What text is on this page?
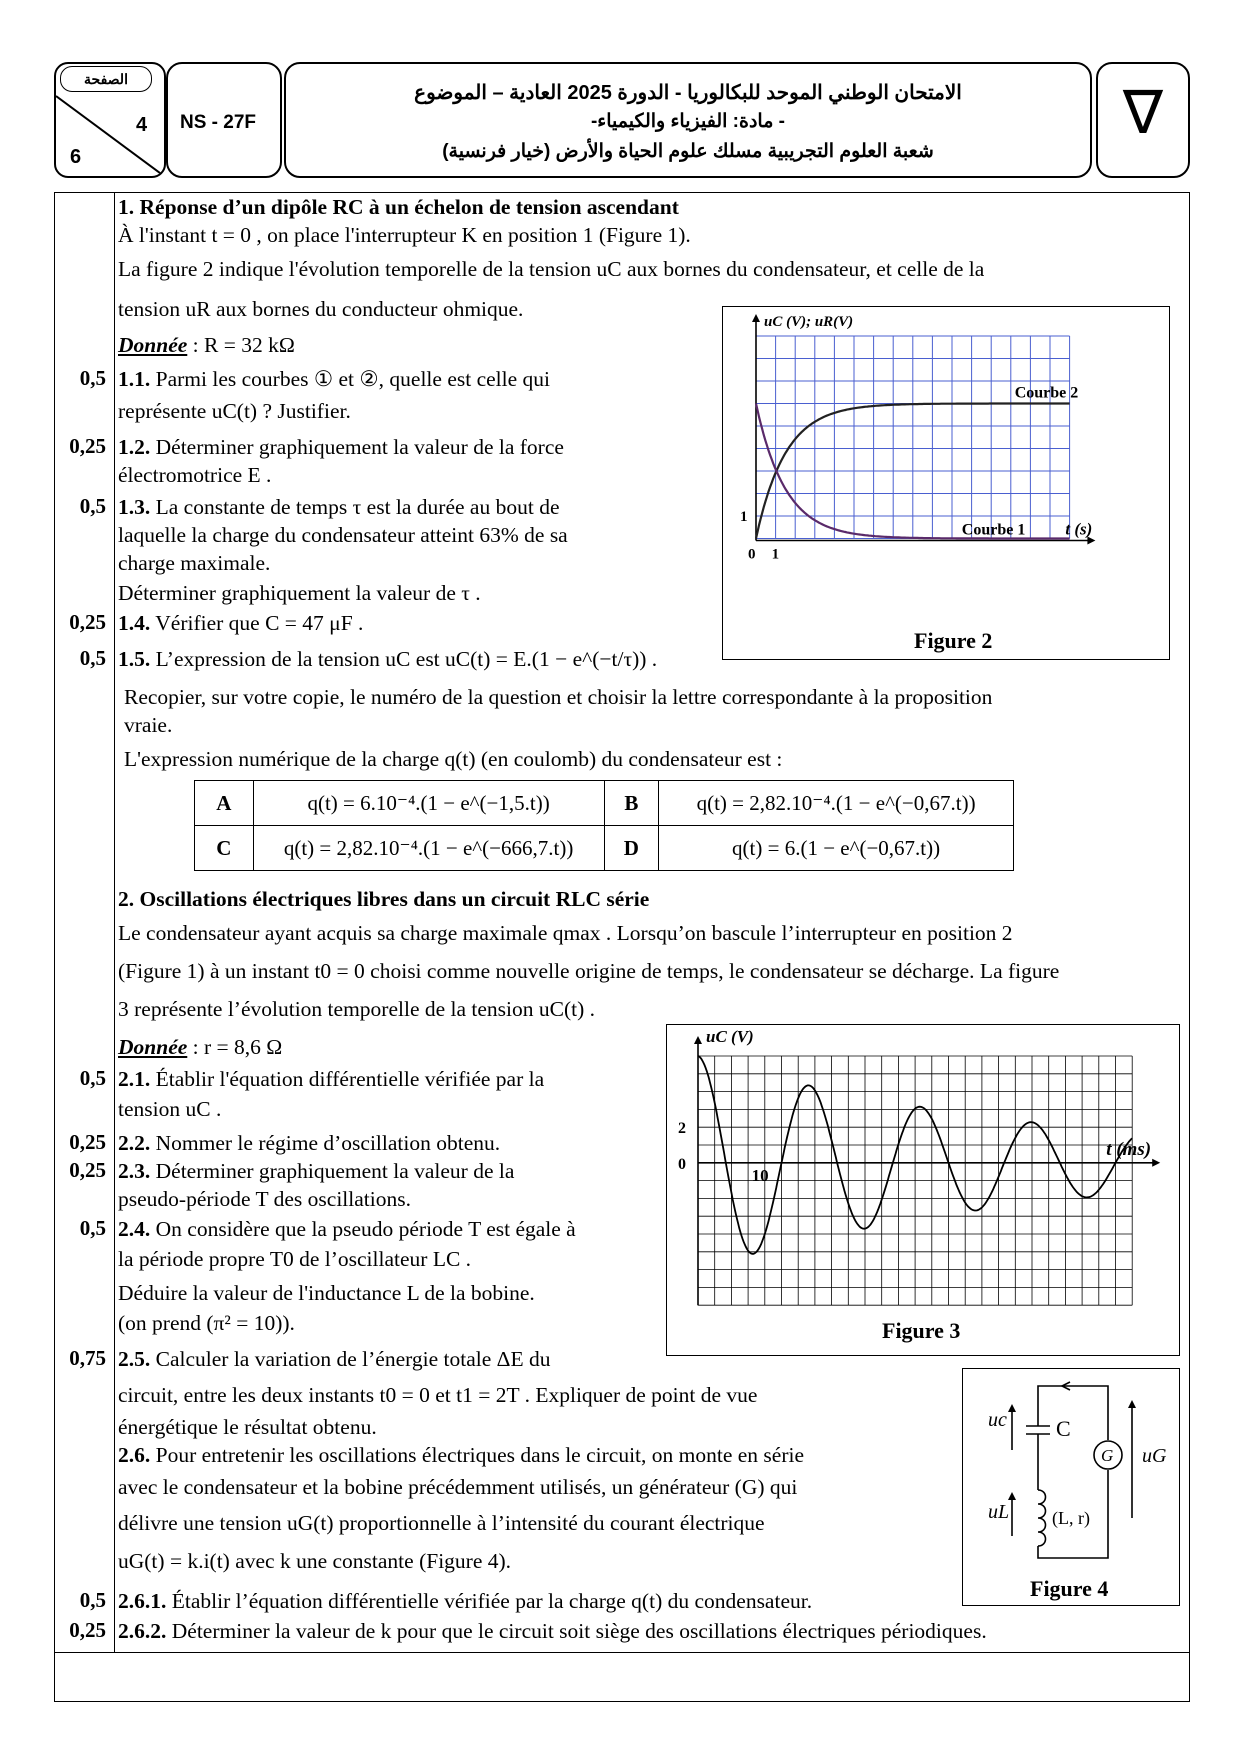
الصفحة
4
6
NS - 27F
الامتحان الوطني الموحد للبكالوريا - الدورة 2025 العادية – الموضوع
- مادة: الفيزياء والكيمياء-
شعبة العلوم التجريبية مسلك علوم الحياة والأرض (خيار فرنسية)
∇
1. Réponse d’un dipôle RC à un échelon de tension ascendant
À l'instant t = 0 , on place l'interrupteur K en position 1 (Figure 1).
La figure 2 indique l'évolution temporelle de la tension uC aux bornes du condensateur, et celle de la
tension uR aux bornes du conducteur ohmique.
Donnée : R = 32 kΩ
0,5 1.1. Parmi les courbes ① et ②, quelle est celle qui
représente uC(t) ? Justifier.
0,25 1.2. Déterminer graphiquement la valeur de la force
électromotrice E .
0,5 1.3. La constante de temps τ est la durée au bout de
laquelle la charge du condensateur atteint 63% de sa
charge maximale.
Déterminer graphiquement la valeur de τ .
0,25 1.4. Vérifier que C = 47 μF .
0,5 1.5. L’expression de la tension uC est uC(t) = E.(1 − e^(−t/τ)) .
Recopier, sur votre copie, le numéro de la question et choisir la lettre correspondante à la proposition
vraie.
L'expression numérique de la charge q(t) (en coulomb) du condensateur est :
A	q(t) = 6.10⁻⁴.(1 − e^(−1,5.t))	B	q(t) = 2,82.10⁻⁴.(1 − e^(−0,67.t))
C	q(t) = 2,82.10⁻⁴.(1 − e^(−666,7.t))	D	q(t) = 6.(1 − e^(−0,67.t))
uC (V); uR(V)
t (s)
Courbe 2
Courbe 1
1
1
0
Figure 2
2. Oscillations électriques libres dans un circuit RLC série
Le condensateur ayant acquis sa charge maximale qmax . Lorsqu’on bascule l’interrupteur en position 2
(Figure 1) à un instant t0 = 0 choisi comme nouvelle origine de temps, le condensateur se décharge. La figure
3 représente l’évolution temporelle de la tension uC(t) .
Donnée : r = 8,6 Ω
0,5 2.1. Établir l'équation différentielle vérifiée par la
tension uC .
0,25 2.2. Nommer le régime d’oscillation obtenu.
0,25 2.3. Déterminer graphiquement la valeur de la
pseudo-période T des oscillations.
0,5 2.4. On considère que la pseudo période T est égale à
la période propre T0 de l’oscillateur LC .
Déduire la valeur de l'inductance L de la bobine.
(on prend (π² = 10)).
0,75 2.5. Calculer la variation de l’énergie totale ΔE du
circuit, entre les deux instants t0 = 0 et t1 = 2T . Expliquer de point de vue
énergétique le résultat obtenu.
2.6. Pour entretenir les oscillations électriques dans le circuit, on monte en série
avec le condensateur et la bobine précédemment utilisés, un générateur (G) qui
délivre une tension uG(t) proportionnelle à l’intensité du courant électrique
uG(t) = k.i(t) avec k une constante (Figure 4).
0,5 2.6.1. Établir l’équation différentielle vérifiée par la charge q(t) du condensateur.
0,25 2.6.2. Déterminer la valeur de k pour que le circuit soit siège des oscillations électriques périodiques.
uC (V)
t (ms)
2
0
10
Figure 3
uc C
G uG
uL (L, r)
Figure 4
